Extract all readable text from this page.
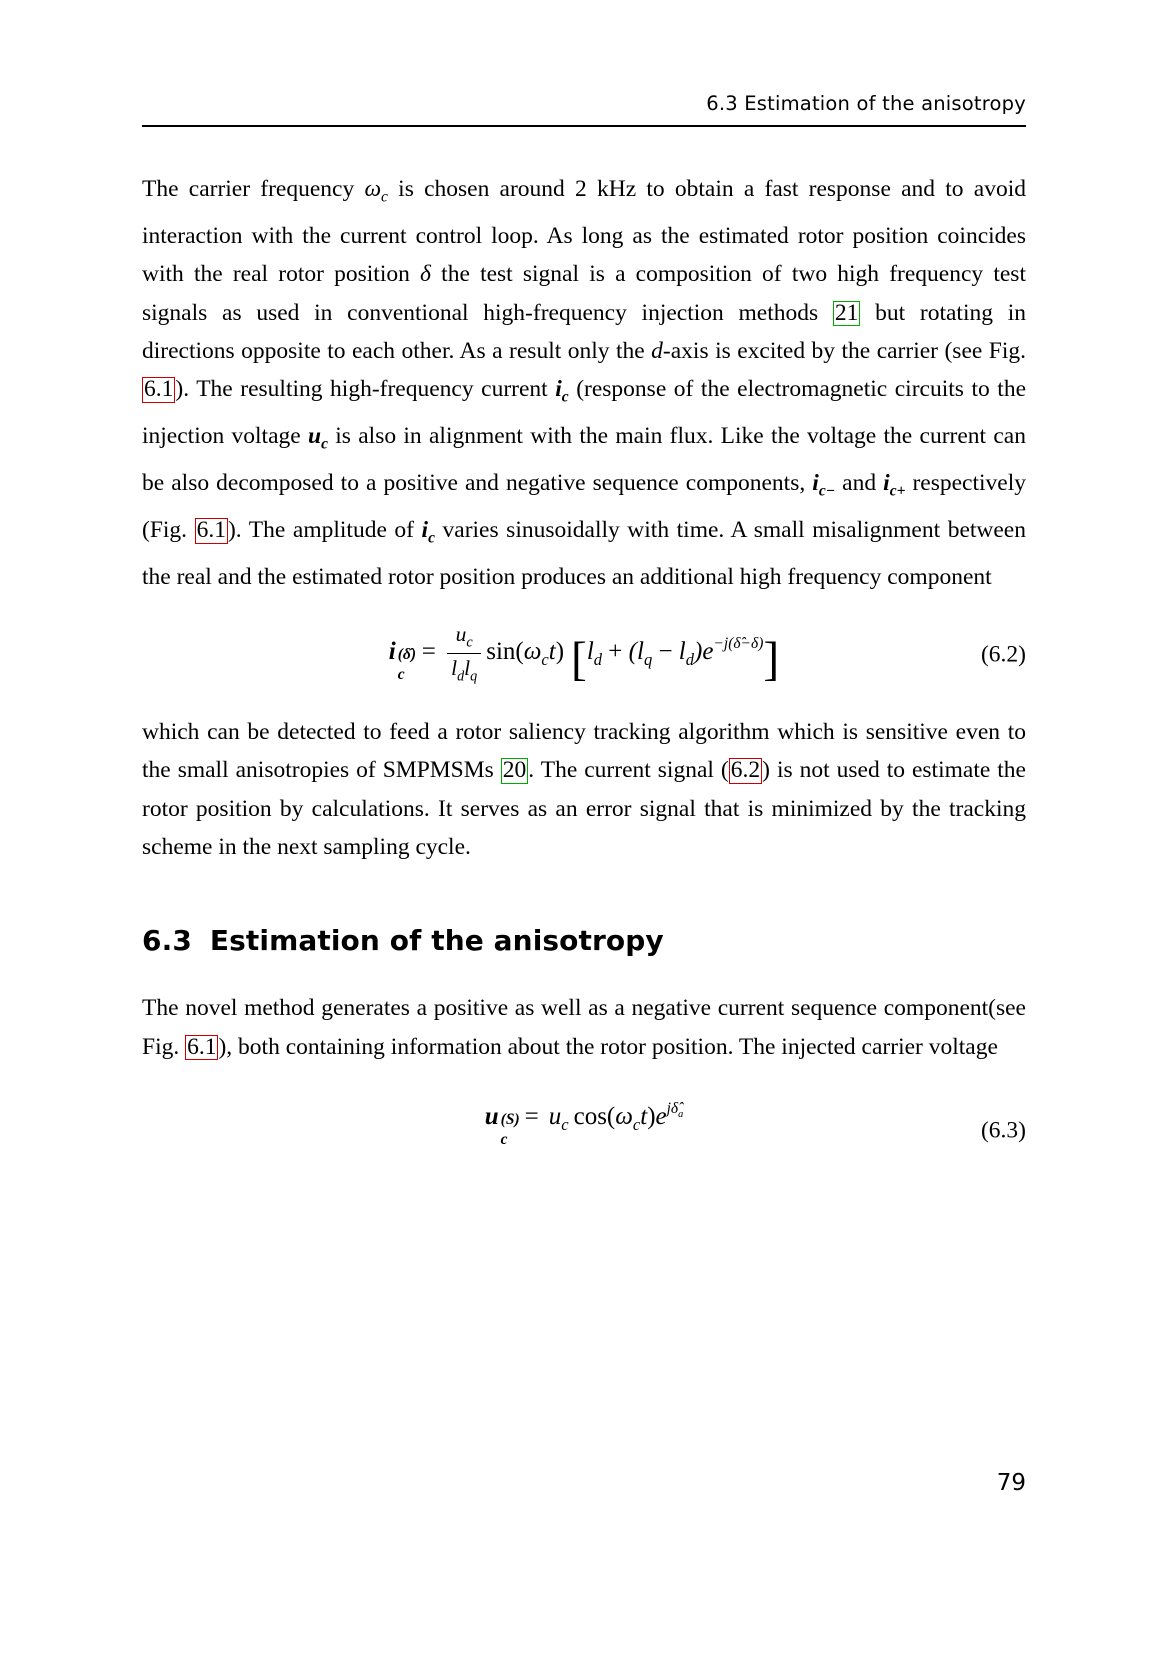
6.3 Estimation of the anisotropy

The carrier frequency $\omega_c$ is chosen around 2 kHz to obtain a fast response and to avoid interaction with the current control loop. As long as the estimated rotor position coincides with the real rotor position δ the test signal is a composition of two high frequency test signals as used in conventional high-frequency injection methods 21 but rotating in directions opposite to each other. As a result only the d-axis is excited by the carrier (see Fig. 6.1). The resulting high-frequency current $i_c$ (response of the electromagnetic circuits to the injection voltage $u_c$ is also in alignment with the main flux. Like the voltage the current can be also decomposed to a positive and negative sequence components, $i_{c-}$ and $i_{c+}$ respectively (Fig. 6.1). The amplitude of $i_c$ varies sinusoidally with time. A small misalignment between the real and the estimated rotor position produces an additional high frequency component

i (δ̂)
c
= $\frac{u_c}{l_dl_q} \sin(\omega_ct) [l_d + (l_q - l_d)e^{-j(\deltâ-\delta)}]$	(6.2)

which can be detected to feed a rotor saliency tracking algorithm which is sensitive even to the small anisotropies of SMPMSMs 20. The current signal (6.2) is not used to estimate the rotor position by calculations. It serves as an error signal that is minimized by the tracking scheme in the next sampling cycle.

6.3 Estimation of the anisotropy

The novel method generates a positive as well as a negative current sequence component(see Fig. 6.1), both containing information about the rotor position. The injected carrier voltage

u (S)
c
= $u_c$ $\cos(\omega_ct)e^{j\deltâ_a}$
(6.3)
79
